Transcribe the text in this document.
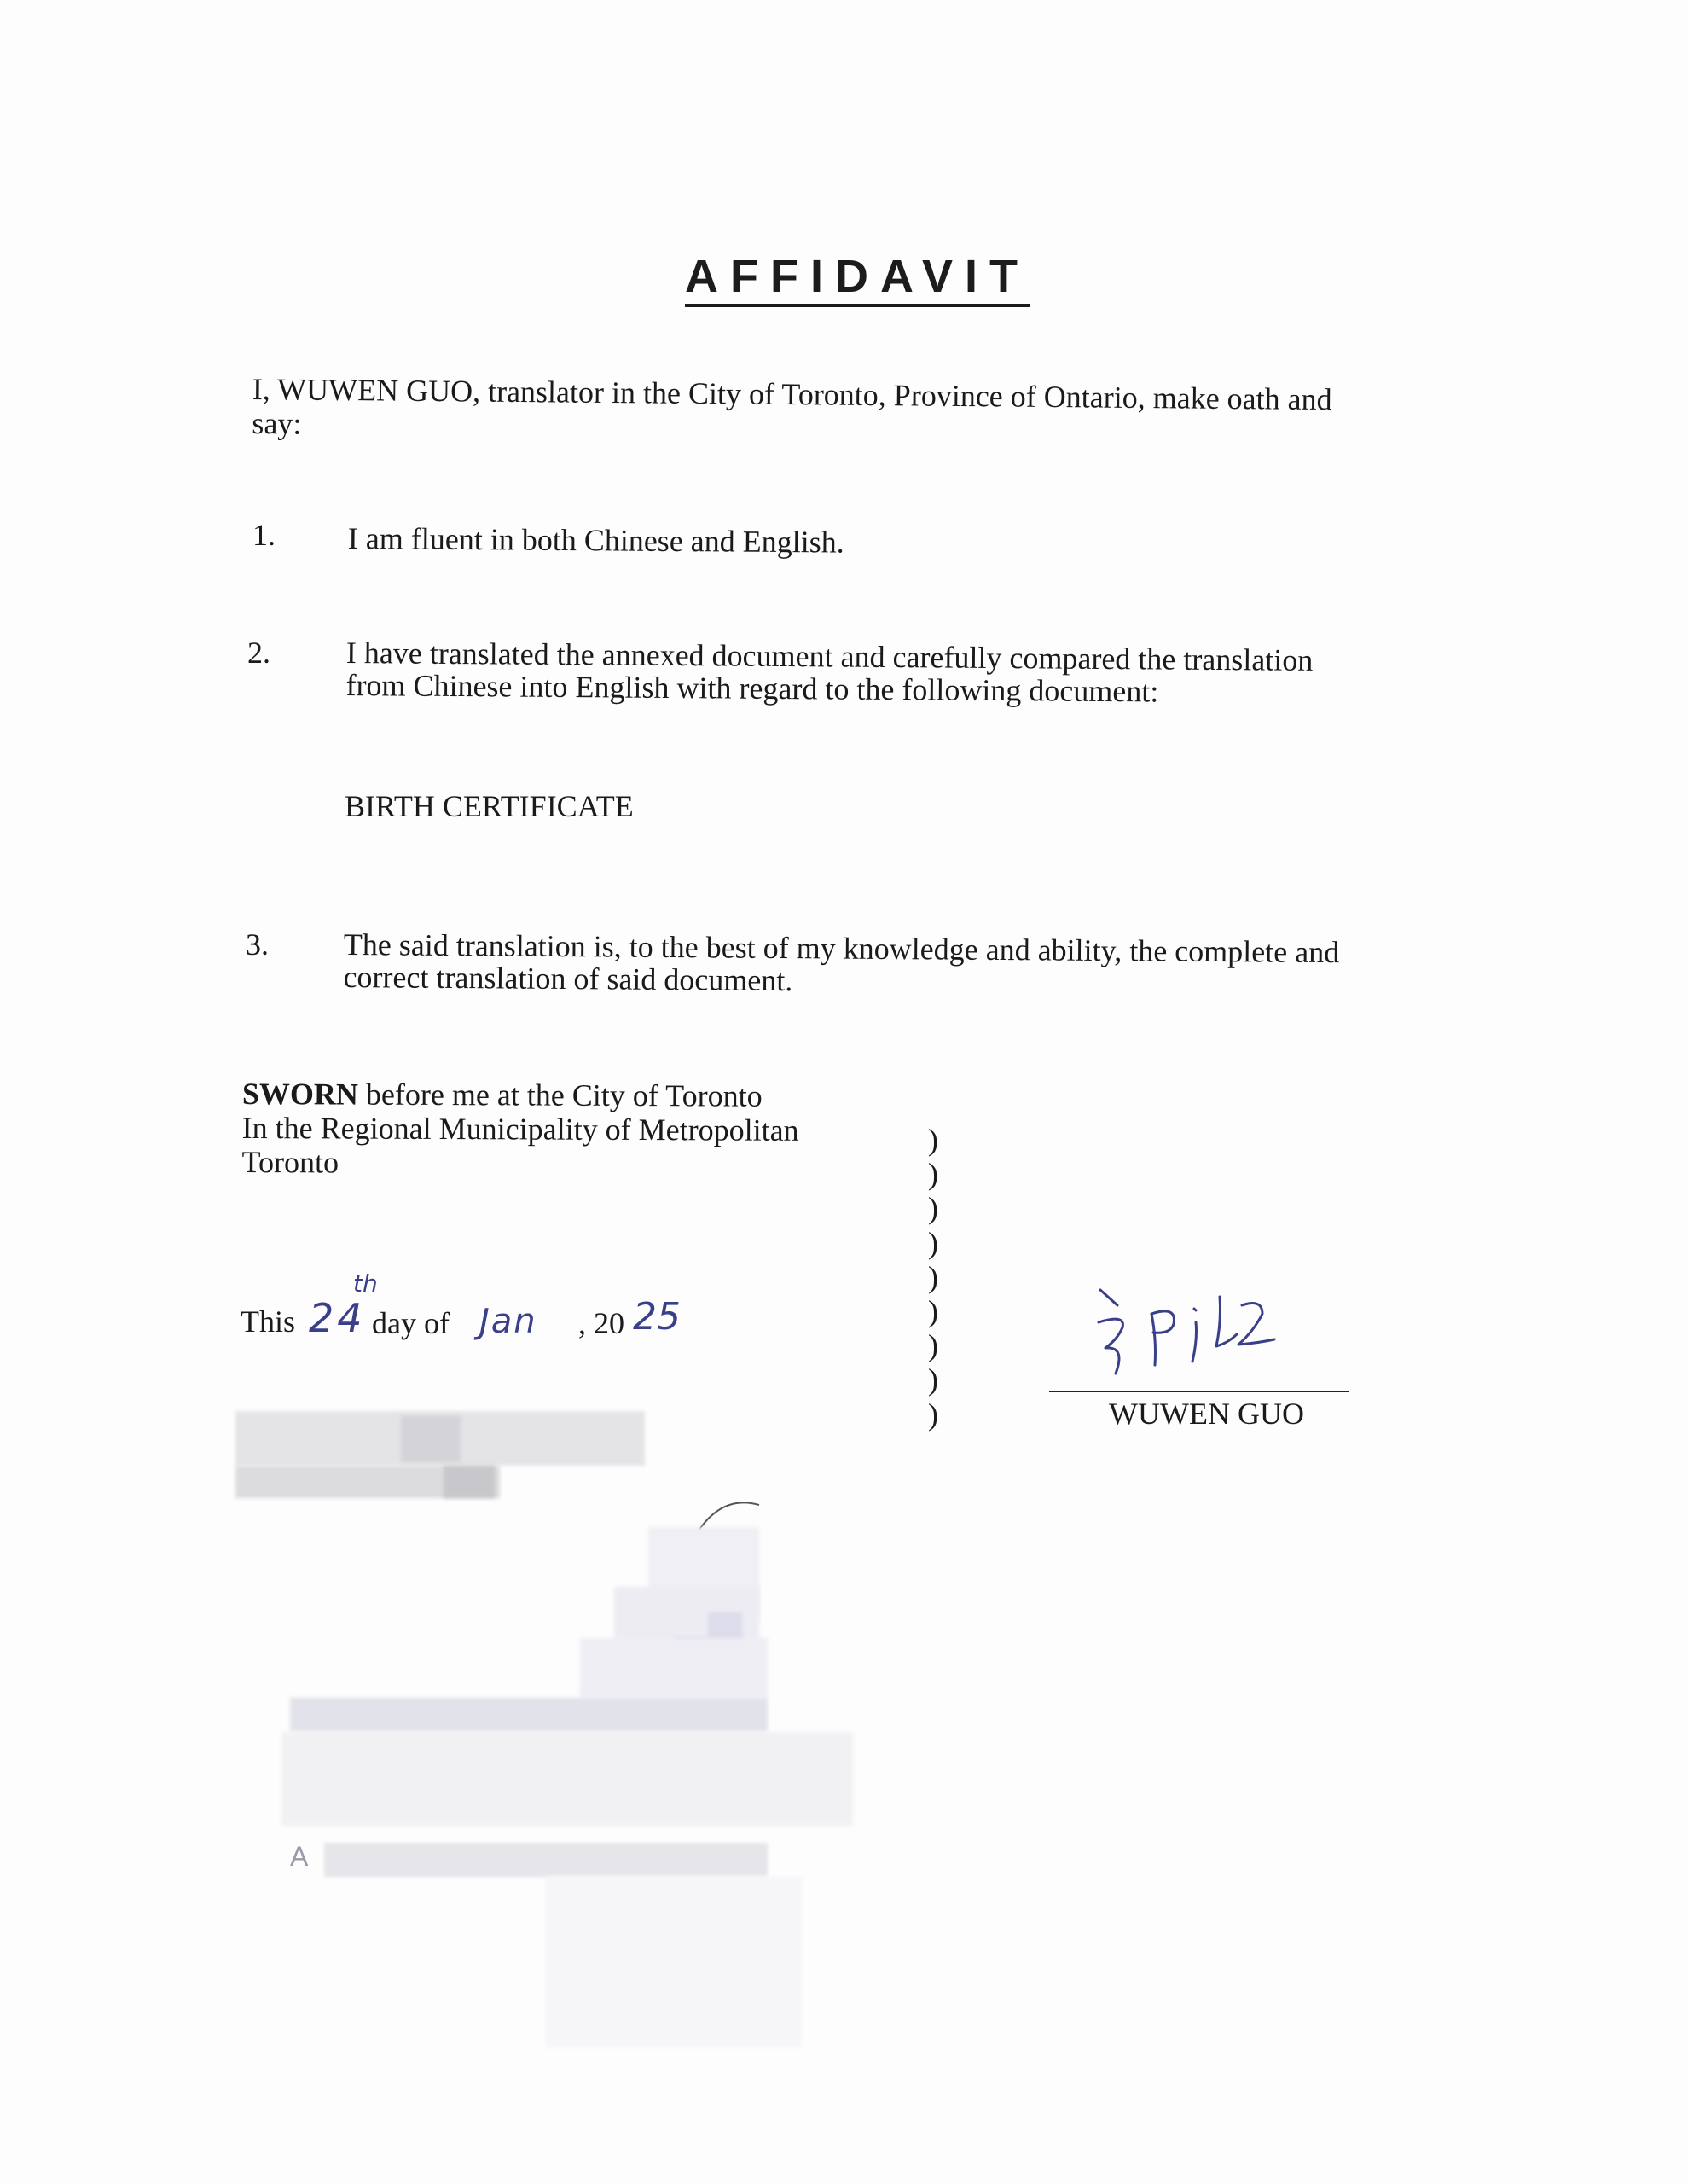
AFFIDAVIT
I, WUWEN GUO, translator in the City of Toronto, Province of Ontario, make oath and
say:
1. I am fluent in both Chinese and English.
2. I have translated the annexed document and carefully compared the translation
from Chinese into English with regard to the following document:
BIRTH CERTIFICATE
3. The said translation is, to the best of my knowledge and ability, the complete and
correct translation of said document.
SWORN before me at the City of Toronto
In the Regional Municipality of Metropolitan
Toronto
)
)
)
)
)
)
)
)
)
This 24
th
day of Jan , 20 25
WUWEN GUO
A
